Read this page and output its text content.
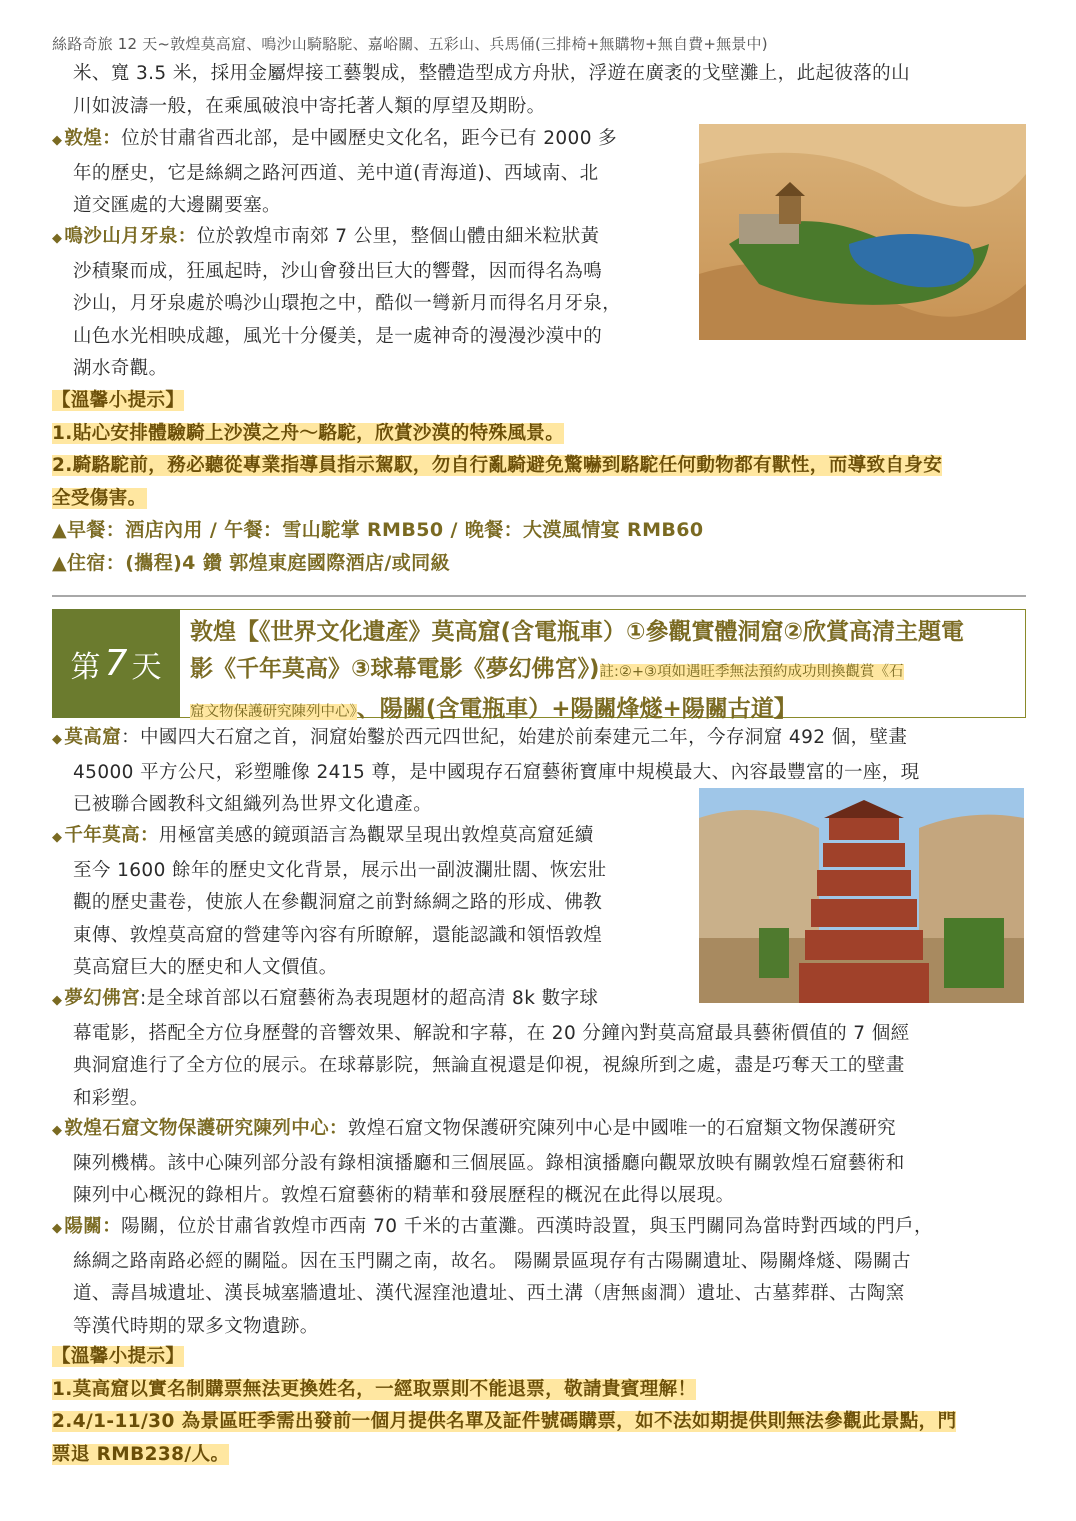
絲路奇旅 12 天~敦煌莫高窟、鳴沙山騎駱駝、嘉峪關、五彩山、兵馬俑(三排椅+無購物+無自費+無景中)
米、寬 3.5 米，採用金屬焊接工藝製成，整體造型成方舟狀，浮遊在廣袤的戈壁灘上，此起彼落的山
川如波濤一般，在乘風破浪中寄托著人類的厚望及期盼。
◆ 敦煌：位於甘肅省西北部，是中國歷史文化名，距今已有 2000 多
年的歷史，它是絲綢之路河西道、羌中道(青海道)、西域南、北
道交匯處的大邊關要塞。
◆ 鳴沙山月牙泉：位於敦煌市南郊 7 公里，整個山體由細米粒狀黃
沙積聚而成，狂風起時，沙山會發出巨大的響聲，因而得名為鳴
沙山，月牙泉處於鳴沙山環抱之中，酷似一彎新月而得名月牙泉，
山色水光相映成趣，風光十分優美，是一處神奇的漫漫沙漠中的
湖水奇觀。
【溫馨小提示】
1.貼心安排體驗騎上沙漠之舟～駱駝，欣賞沙漠的特殊風景。
2.騎駱駝前，務必聽從專業指導員指示駕馭，勿自行亂騎避免驚嚇到駱駝任何動物都有獸性，而導致自身安
全受傷害。
▲早餐：酒店內用 / 午餐：雪山駝掌 RMB50 / 晚餐：大漠風情宴 RMB60
▲住宿：(攜程)4 鑽 郭煌東庭國際酒店/或同級
第 7 天
敦煌【《世界文化遺產》莫高窟(含電瓶車）①參觀實體洞窟②欣賞高清主題電
影《千年莫高》③球幕電影《夢幻佛宮》)註:②+③項如遇旺季無法預約成功則換觀賞《石
窟文物保護研究陳列中心》、陽關(含電瓶車）+陽關烽燧+陽關古道】
◆ 莫高窟：中國四大石窟之首，洞窟始鑿於西元四世紀，始建於前秦建元二年，今存洞窟 492 個，壁畫
45000 平方公尺，彩塑雕像 2415 尊，是中國現存石窟藝術寶庫中規模最大、內容最豐富的一座，現
已被聯合國教科文組織列為世界文化遺產。
◆ 千年莫高：用極富美感的鏡頭語言為觀眾呈現出敦煌莫高窟延續
至今 1600 餘年的歷史文化背景，展示出一副波瀾壯闊、恢宏壯
觀的歷史畫卷，使旅人在參觀洞窟之前對絲綢之路的形成、佛教
東傳、敦煌莫高窟的營建等內容有所瞭解，還能認識和領悟敦煌
莫高窟巨大的歷史和人文價值。
◆ 夢幻佛宮:是全球首部以石窟藝術為表現題材的超高清 8k 數字球
幕電影，搭配全方位身歷聲的音響效果、解說和字幕，在 20 分鐘內對莫高窟最具藝術價值的 7 個經
典洞窟進行了全方位的展示。在球幕影院，無論直視還是仰視，視線所到之處，盡是巧奪天工的壁畫
和彩塑。
◆ 敦煌石窟文物保護研究陳列中心：敦煌石窟文物保護研究陳列中心是中國唯一的石窟類文物保護研究
陳列機構。該中心陳列部分設有錄相演播廳和三個展區。錄相演播廳向觀眾放映有關敦煌石窟藝術和
陳列中心概況的錄相片。敦煌石窟藝術的精華和發展歷程的概況在此得以展現。
◆ 陽關：陽關，位於甘肅省敦煌市西南 70 千米的古董灘。西漢時設置，與玉門關同為當時對西域的門戶，
絲綢之路南路必經的關隘。因在玉門關之南，故名。 陽關景區現存有古陽關遺址、陽關烽燧、陽關古
道、壽昌城遺址、漢長城塞牆遺址、漢代渥窪池遺址、西土溝（唐無鹵澗）遺址、古墓葬群、古陶窯
等漢代時期的眾多文物遺跡。
【溫馨小提示】
1.莫高窟以實名制購票無法更換姓名，一經取票則不能退票，敬請貴賓理解！
2.4/1-11/30 為景區旺季需出發前一個月提供名單及証件號碼購票，如不法如期提供則無法參觀此景點，門
票退 RMB238/人。
